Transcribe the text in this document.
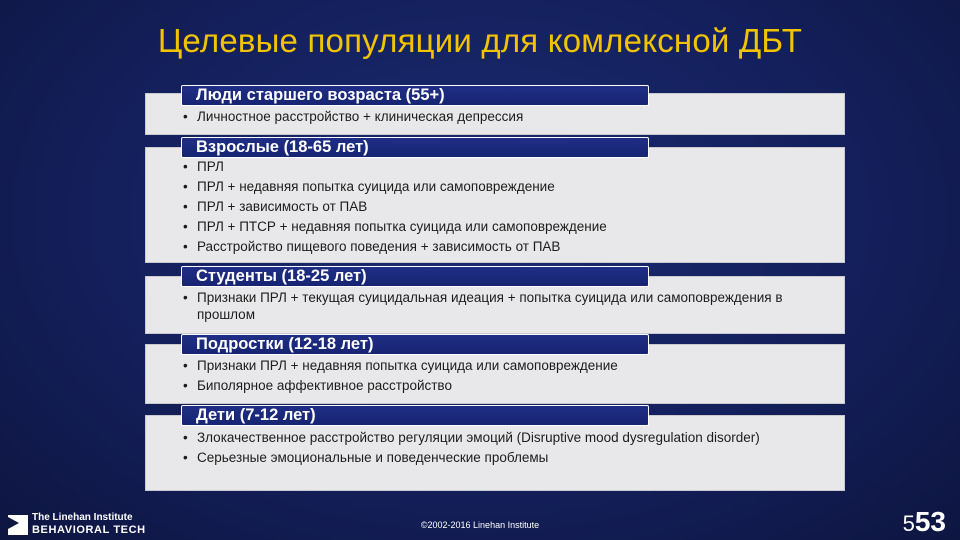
Целевые популяции для комлексной ДБТ
Люди старшего возраста (55+)
• Личностное расстройство + клиническая депрессия
Взрослые (18-65 лет)
• ПРЛ
• ПРЛ + недавняя попытка суицида или самоповреждение
• ПРЛ + зависимость от ПАВ
• ПРЛ + ПТСР + недавняя попытка суицида или самоповреждение
• Расстройство пищевого поведения + зависимость от ПАВ
Студенты (18-25 лет)
• Признаки ПРЛ + текущая суицидальная идеация + попытка суицида или самоповреждения в прошлом
Подростки (12-18 лет)
• Признаки ПРЛ + недавняя попытка суицида или самоповреждение
• Биполярное аффективное расстройство
Дети (7-12 лет)
• Злокачественное расстройство регуляции эмоций (Disruptive mood dysregulation disorder)
• Серьезные эмоциональные и поведенческие проблемы
The Linehan Institute
BEHAVIORAL TECH	©2002-2016 Linehan Institute	553
